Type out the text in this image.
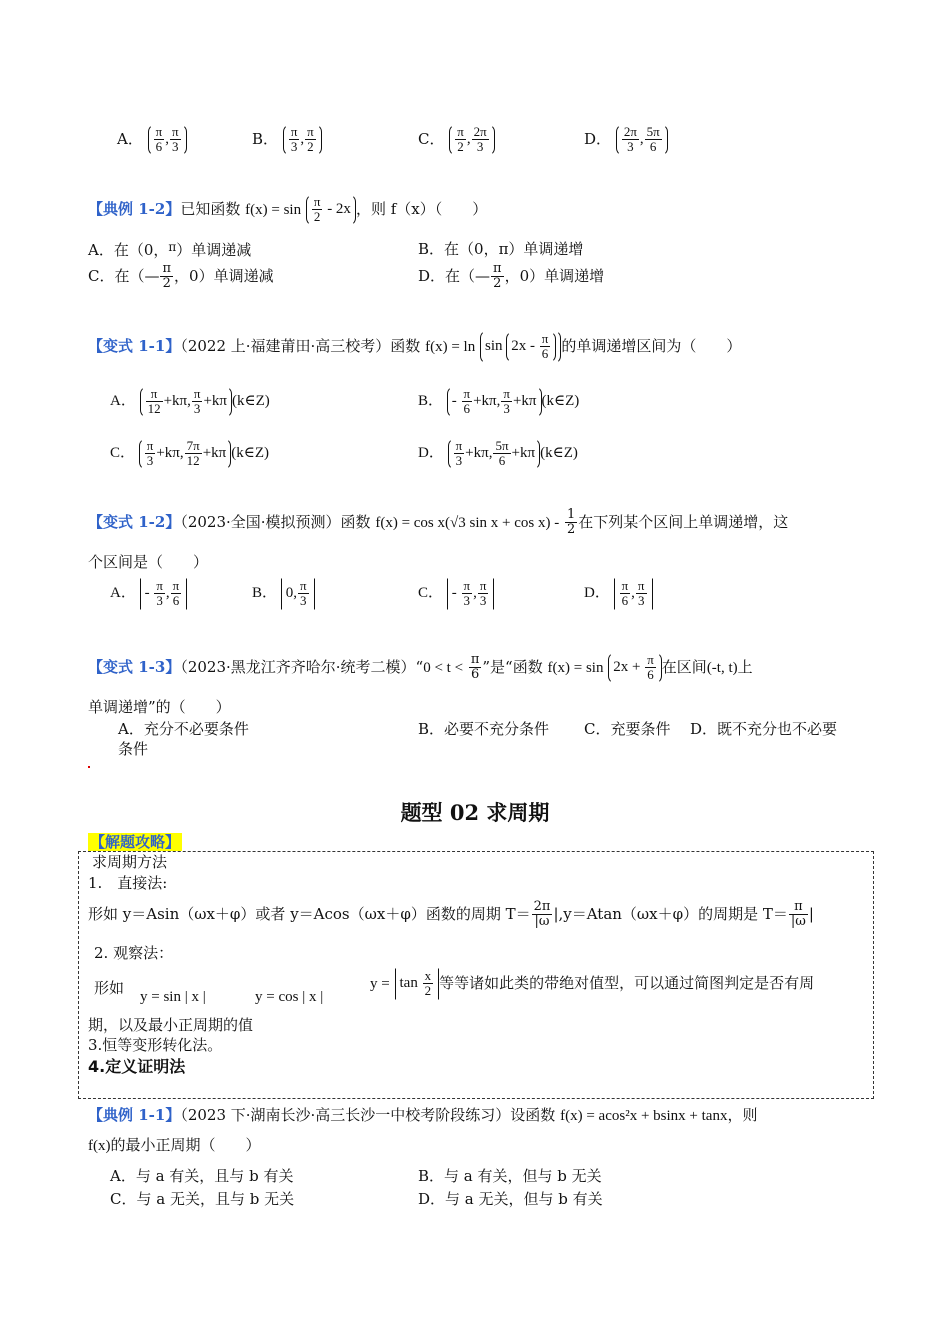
A． $\frac{\pi}{6}$ , $\frac{\pi}{3}$	B． $\frac{\pi}{3}$ , $\frac{\pi}{2}$	C． $\frac{\pi}{2}$ , $\frac{2\pi}{3}$	D． $\frac{2\pi}{3}$ , $\frac{5\pi}{6}$
【典例 1-2】已知函数 $f(x) = \sin \frac{\pi}{2} - 2x$ ，则 f（x）（　　）
A．在（0，$^\pi$）单调递减	B．在（0，π）单调递增
C．在（— $\frac{\pi}{2}$ ，0）单调递减	D．在（— $\frac{\pi}{2}$ ，0）单调递增
【变式 1-1】（2022 上·福建莆田·高三校考）函数 $f(x) = \ln \sin 2x - \frac{\pi}{6}$ 的单调递增区间为（　　）
A． $\frac{\pi}{12} +k\pi$, $\frac{\pi}{3} +k\pi$ (k∈Z)	B． - $\frac{\pi}{6} +k\pi$, $\frac{\pi}{3} +k\pi$ (k∈Z)
C． $\frac{\pi}{3} +k\pi$, $\frac{7\pi}{12} +k\pi$ (k∈Z)	D． $\frac{\pi}{3} +k\pi$, $\frac{5\pi}{6} +k\pi$ (k∈Z)
【变式 1-2】（2023·全国·模拟预测）函数 f(x) = cos x(√3 $\sin x + \cos x) - \frac{1}{2}$ 在下列某个区间上单调递增，这
个区间是（　　）
A． - $\frac{\pi}{3}$ , $\frac{\pi}{6}$	B． 0, $\frac{\pi}{3}$	C． - $\frac{\pi}{3}$ , $\frac{\pi}{3}$	D． $\frac{\pi}{6}$ , $\frac{\pi}{3}$
【变式 1-3】（2023·黑龙江齐齐哈尔·统考二模）“0 < $t < \frac{\pi}{6}$ ”是“函数 $f(x) = \sin 2x + \frac{\pi}{6}$ 在区间(-t, t)上
单调递增”的（　　）
A．充分不必要条件
条件
B．必要不充分条件 C．充要条件 D．既不充分也不必要
题型 02 求周期
【解题攻略】
求周期方法
1.　直接法:
形如 y＝Asin（ωx＋φ）或者 y＝Acos（ωx＋φ）函数的周期 $T= \frac{2\pi}{|\omega} |,y=Atan(\omega x+\varphi)$的周期是 $T= \frac{\pi}{|\omega}$ |
2. 观察法：
形如 y = sin | x |	y = cos | x |
$y = \tan \frac{x}{2}$ 等等诸如此类的带绝对值型，可以通过简图判定是否有周
期，以及最小正周期的值
3.恒等变形转化法。
4.定义证明法
【典例 1-1】（2023 下·湖南长沙·高三长沙一中校考阶段练习）设函数 f(x) = acos²x + bsinx + tanx，则
f(x)的最小正周期（　　）
A．与 a 有关，且与 b 有关	B．与 a 有关，但与 b 无关
C．与 a 无关，且与 b 无关	D．与 a 无关，但与 b 有关
